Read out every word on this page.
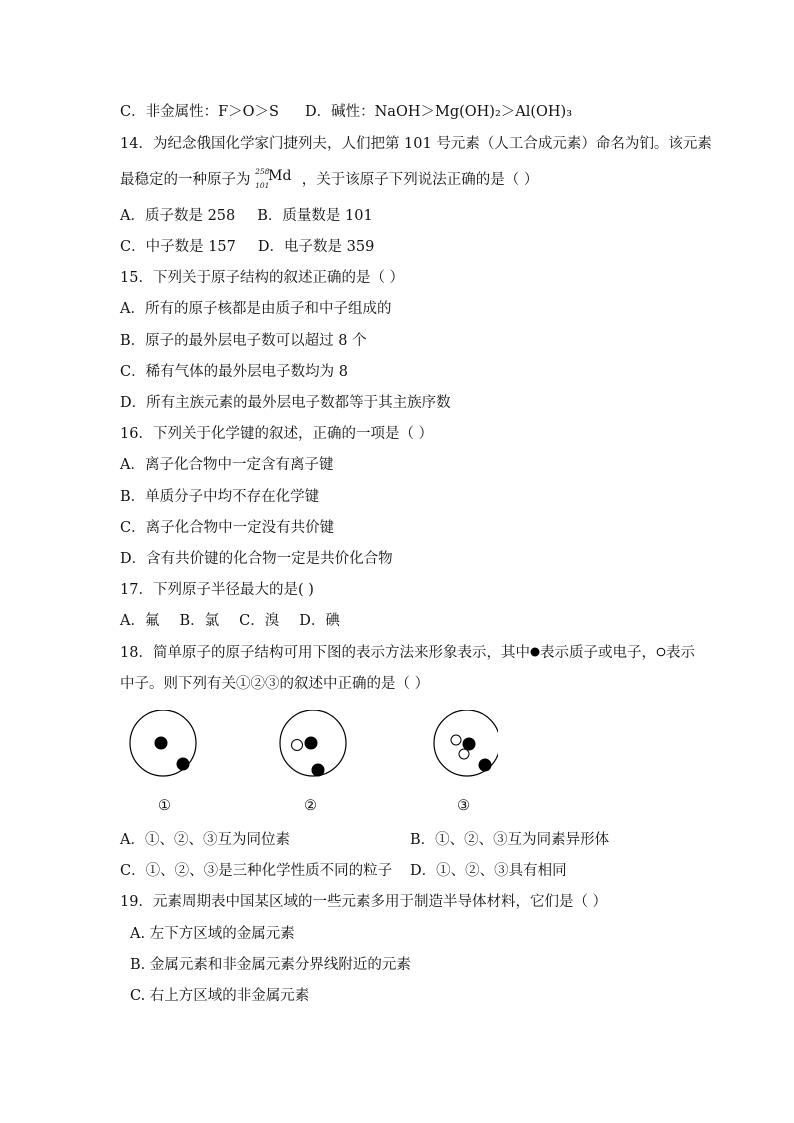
C．非金属性：F＞O＞S D．碱性：NaOH＞Mg(OH)₂＞Al(OH)₃
14．为纪念俄国化学家门捷列夫，人们把第 101 号元素（人工合成元素）命名为钔。该元素
最稳定的一种原子为
258
101
Md ，关于该原子下列说法正确的是（ ）
A．质子数是 258 B．质量数是 101
C．中子数是 157 D．电子数是 359
15．下列关于原子结构的叙述正确的是（ ）
A．所有的原子核都是由质子和中子组成的
B．原子的最外层电子数可以超过 8 个
C．稀有气体的最外层电子数均为 8
D．所有主族元素的最外层电子数都等于其主族序数
16．下列关于化学键的叙述，正确的一项是（ ）
A．离子化合物中一定含有离子键
B．单质分子中均不存在化学键
C．离子化合物中一定没有共价键
D．含有共价键的化合物一定是共价化合物
17．下列原子半径最大的是( )
A．氟 B．氯 C．溴 D．碘
18．简单原子的原子结构可用下图的表示方法来形象表示，其中 表示质子或电子， 表示
中子。则下列有关①②③的叙述中正确的是（ ）
①	②	③
A．①、②、③互为同位素	B．①、②、③互为同素异形体
C．①、②、③是三种化学性质不同的粒子 D．①、②、③具有相同
19．元素周期表中国某区域的一些元素多用于制造半导体材料，它们是（ ）
A. 左下方区域的金属元素
B. 金属元素和非金属元素分界线附近的元素
C. 右上方区域的非金属元素
